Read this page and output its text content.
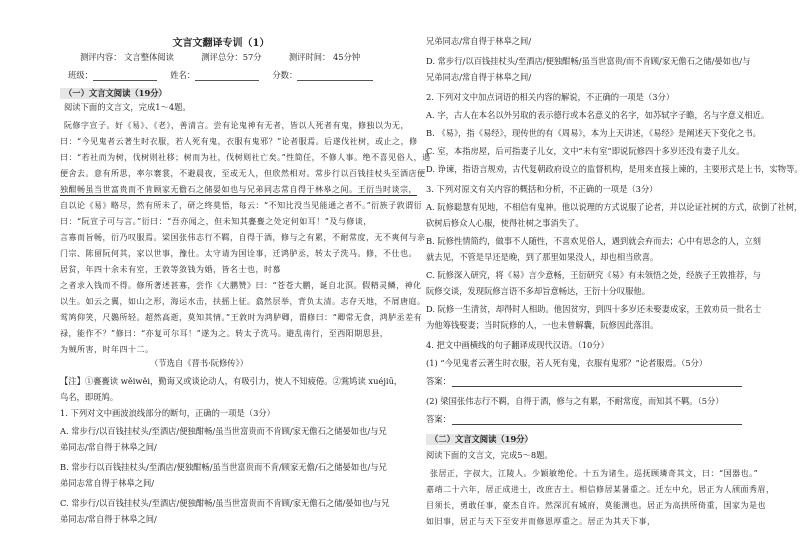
文言文翻译专训（1）
测评内容： 文言整体阅读	测评总分：57分	测评时间： 45分钟
班级：	姓名：	分数：
（一）文言文阅读（19分）
阅读下面的文言文，完成1～4题。
阮修字宣子。好《易》、《老》，善清言。尝有论鬼神有无者，皆以人死者有鬼，修独以为无，
曰：“今见鬼者云著生时衣服，若人死有鬼，衣服有鬼邪？”论者服焉。后遂伐社树，或止之，修
曰：“若社而为树，伐树则社移；树而为社，伐树则社亡矣。”性简任，不修人事。绝不喜见俗人，遇
便舍去。意有所思，率尔褰裳，不避晨夜，至或无人，但欣然相对。常步行以百钱挂杖头至酒店便
独酣畅虽当世富贵而不肯顾家无儋石之储晏如也与兄弟同志常自得于林皋之间。王衍当时谈宗，
自以论《易》略尽，然有所未了，研之终莫悟，每云：“不知比没当见能通之者不。”衍族子敦谓衍
曰：“阮宣子可与言。”衍曰：“吾亦闻之，但未知其亹亹之处定何如耳！”及与修谈，
言寡而旨畅，衍乃叹服焉。梁国张伟志行不羁，自得于酒，修与之有累，不耐常度，无不爽何与亲
门宗、陈留阮何其，家以世事，豫仕。太守请为国诠事，迁鸿胪丞，转太子洗马。修，不仕也。
居贫，年四十余未有室，王敦等敛钱为婚，皆名士也，时慕
之者求入钱而不得。修所著述甚寡，尝作《大鹏赞》曰：“苍苍大鹏，诞自北溟。假精灵鳞，神化
以生。如云之翼，如山之形，海运水击，扶摇上征。翕然层举，背负太清。志存天地，不屑唐庭。
鸴鸠仰笑，尺鷃所轻。超然高逝，莫知其情。”王敦时为鸿胪卿，谓修曰：“卿常无食，鸿胪丞差有
禄，能作不？”修曰：“亦复可尔耳！”遂为之。转太子洗马。避乱南行，至西阳期思县，
为贼所害，时年四十二。
（节选自《晋书·阮修传》）
【注】①亹亹读 wěiwěi，勤诲又或谈论动人，有吸引力，使人不知疲倦。②鴬鸠读 xuéjiū，
鸟名，即斑鸠。
1. 下列对文中画波浪线部分的断句，正确的一项是（3分）
A. 常步行/以百钱挂杖头/至酒店/便独酣畅/虽当世富贵而不肯顾/家无儋石之储晏如也/与兄
弟同志/常自得于林皋之间/
B. 常步行以百钱挂杖头/至酒店/便独酣畅/虽当世富贵而不肯/顾家无儋/石之储晏如也/与兄
弟同志常自得于林皋之间/
C. 常步行/以百钱挂杖头/至酒店/便独酣畅/虽当世富贵而不肯顾/家无儋石之储/晏如也/与兄
弟同志/常自得于林皋之间/
兄弟同志/常自得于林皋之间/
D. 常步行/以百钱挂杖头/至酒店/便独酣畅/虽当世富贵/而不肯顾/家无儋石之储/晏如也/与
兄弟同志/常自得于林皋之间/
2. 下列对文中加点词语的相关内容的解说，不正确的一项是（3分）
A. 字，古人在本名以外另取的表示德行或本名意义的名字，如苏轼字子瞻，名与字意义相近。
B. 《易》，指《易经》，现传世的有《周易》，本为上天讲述，《易经》是阐述天下变化之书。
C. 室，本指房屋，后可指妻子儿女，文中“未有室”即说阮修四十多岁还没有妻子儿女。
D. 诤谏，指语言规劝，古代复朝政府设立的监督机构，是用来直接上谏的，主要形式是上书，实物等。
3. 下列对原文有关内容的概括和分析，不正确的一项是（3分）
A. 阮修聪慧有见地，不相信有鬼神。他以说理的方式说服了论者，并以论证社树的方式，砍倒了社树，
砍树后修众人心服，使得社树之事消失了。
B. 阮修性情简约，做事不人随性，不喜欢见俗人，遇到就会弃而去；心中有思念的人，立刻
就去见，不管是早还是晚，到了那里如果没人，却也相当欣喜。
C. 阮修深入研究，将《易》言少意畅，王衍研究《易》有未领悟之处，经族子王敦推荐，与
阮修交谈，发现阮修言语不多却旨意畅达，王衍十分叹服他。
D. 阮修一生清贫，却得时人相助。他因贫穷，到四十多岁还未娶妻成家，王敦劝员一批名士
为他筹钱娶妻；当时阮修的人，一也未曾解囊，阮修因此落泪。
4. 把文中画横线的句子翻译成现代汉语。（10分）
(1) “今见鬼者云著生时衣服，若人死有鬼，衣服有鬼邪？”论者服焉。（5分）
答案：
(2) 梁国张伟志行不羁，自得于酒，修与之有累，不耐常度，而知其不羁。（5分）
答案：
（二）文言文阅读（19分）
阅读下面的文言文，完成5～8题。
张居正，字叔大，江陵人。少颖敏绝伦。十五为诸生。巡抚顾璘奇其文，曰：“国器也。”
嘉靖二十六年，居正成进士，改庶吉士。相信修居某暑重之。迁左中允，居正为人颀面秀眉，
目须长，勇敢任事，豪杰自许。然深沉有城府，莫能测也。居正为高拱所倚重，国家为是也
如旧事，居正与天下至安并而修恩厚重之。居正为其天下事，
